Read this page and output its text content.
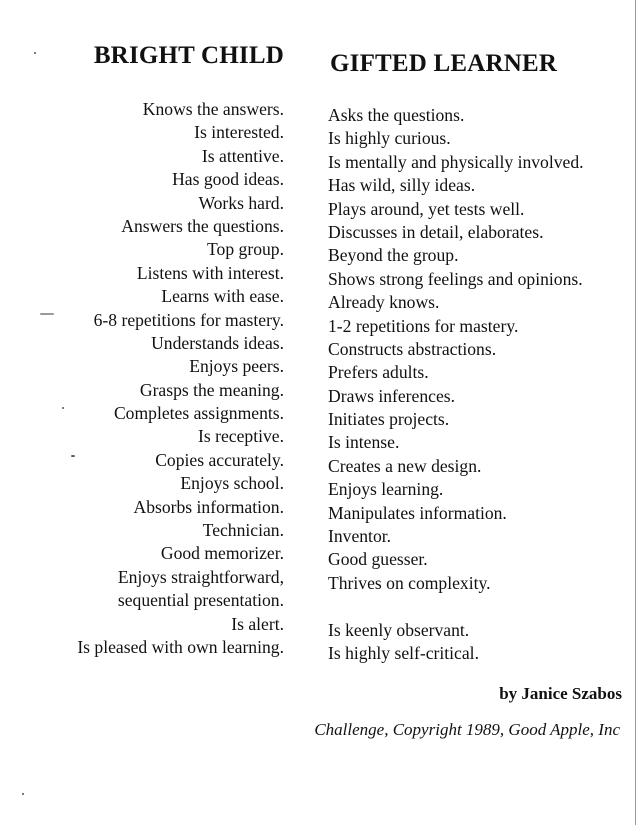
BRIGHT CHILD GIFTED LEARNER
Knows the answers.
Is interested.
Is attentive.
Has good ideas.
Works hard.
Answers the questions.
Top group.
Listens with interest.
Learns with ease.
6-8 repetitions for mastery.
Understands ideas.
Enjoys peers.
Grasps the meaning.
Completes assignments.
Is receptive.
Copies accurately.
Enjoys school.
Absorbs information.
Technician.
Good memorizer.
Enjoys straightforward,
sequential presentation.
Is alert.
Is pleased with own learning.
Asks the questions.
Is highly curious.
Is mentally and physically involved.
Has wild, silly ideas.
Plays around, yet tests well.
Discusses in detail, elaborates.
Beyond the group.
Shows strong feelings and opinions.
Already knows.
1-2 repetitions for mastery.
Constructs abstractions.
Prefers adults.
Draws inferences.
Initiates projects.
Is intense.
Creates a new design.
Enjoys learning.
Manipulates information.
Inventor.
Good guesser.
Thrives on complexity.
Is keenly observant.
Is highly self-critical.
by Janice Szabos
Challenge, Copyright 1989, Good Apple, Inc
